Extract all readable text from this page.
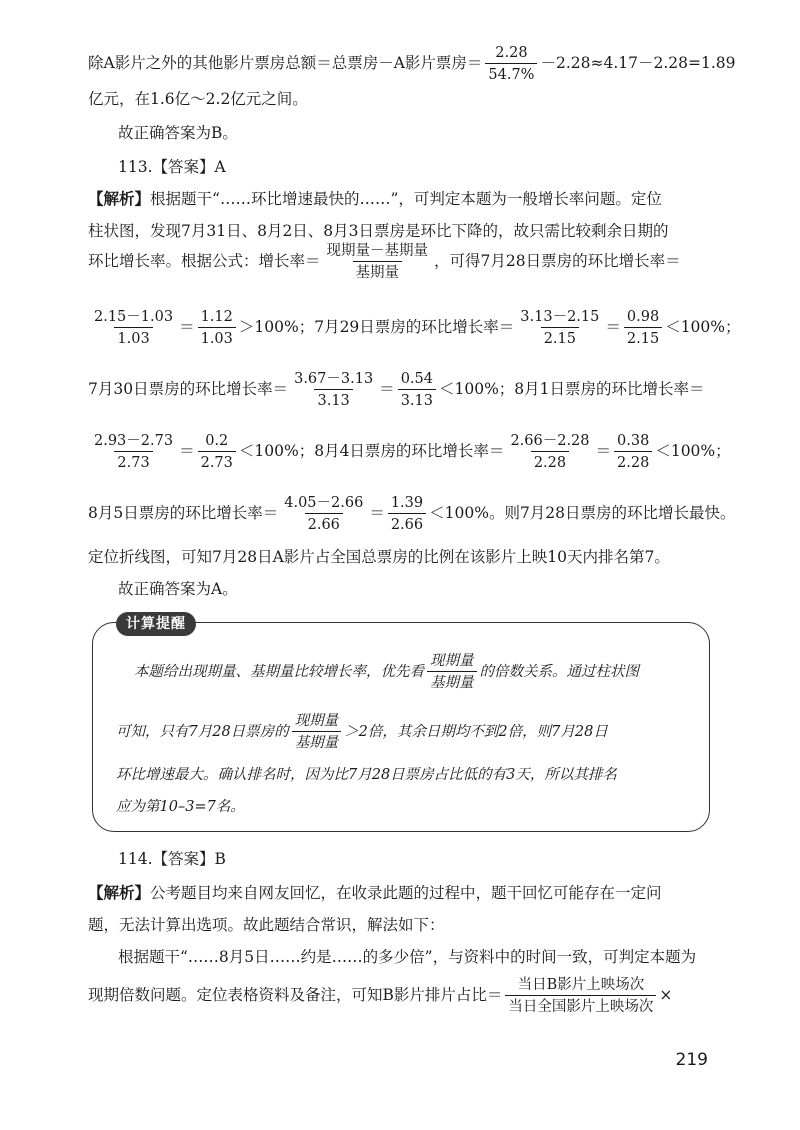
除A影片之外的其他影片票房总额＝总票房－A影片票房＝ $\frac{2.28}{54.7\%} -2.28\approx 4.17-2.28=1.89$
亿元，在1.6亿～2.2亿元之间。
故正确答案为B。
113.【答案】A
【解析】根据题干“……环比增速最快的……”，可判定本题为一般增长率问题。定位
柱状图，发现7月31日、8月2日、8月3日票房是环比下降的，故只需比较剩余日期的
环比增长率。根据公式：增长率＝ $\frac{\text{现期量－基期量}}{\text{基期量}}$ ，可得7月28日票房的环比增长率＝
$\frac{2.15-1.03}{1.03} = \frac{1.12}{1.03} >100\%$；7月29日票房的环比增长率＝ $\frac{3.13-2.15}{2.15} = \frac{0.98}{2.15} <100\%$；
7月30日票房的环比增长率＝ $\frac{3.67-3.13}{3.13} = \frac{0.54}{3.13} <100\%$；8月1日票房的环比增长率＝
$\frac{2.93-2.73}{2.73} = \frac{0.2}{2.73} <100\%$；8月4日票房的环比增长率＝ $\frac{2.66-2.28}{2.28} = \frac{0.38}{2.28} <100\%$；
8月5日票房的环比增长率＝ $\frac{4.05-2.66}{2.66} = \frac{1.39}{2.66} <100\%$。则7月28日票房的环比增长最快。
定位折线图，可知7月28日A影片占全国总票房的比例在该影片上映10天内排名第7。
故正确答案为A。
计算提醒
本题给出现期量、基期量比较增长率，优先看 $\frac{\text{现期量}}{\text{基期量}}$ 的倍数关系。通过柱状图
可知，只有7月28日票房的 $\frac{\text{现期量}}{\text{基期量}} >2$倍，其余日期均不到2倍，则7月28日
环比增速最大。确认排名时，因为比7月28日票房占比低的有3天，所以其排名
应为第10–3=7名。
114.【答案】B
【解析】公考题目均来自网友回忆，在收录此题的过程中，题干回忆可能存在一定问
题，无法计算出选项。故此题结合常识，解法如下：
根据题干“……8月5日……约是……的多少倍”，与资料中的时间一致，可判定本题为
现期倍数问题。定位表格资料及备注，可知B影片排片占比＝ $\frac{\text{当日B影片上映场次}}{\text{当日全国影片上映场次}}$ ×
219
